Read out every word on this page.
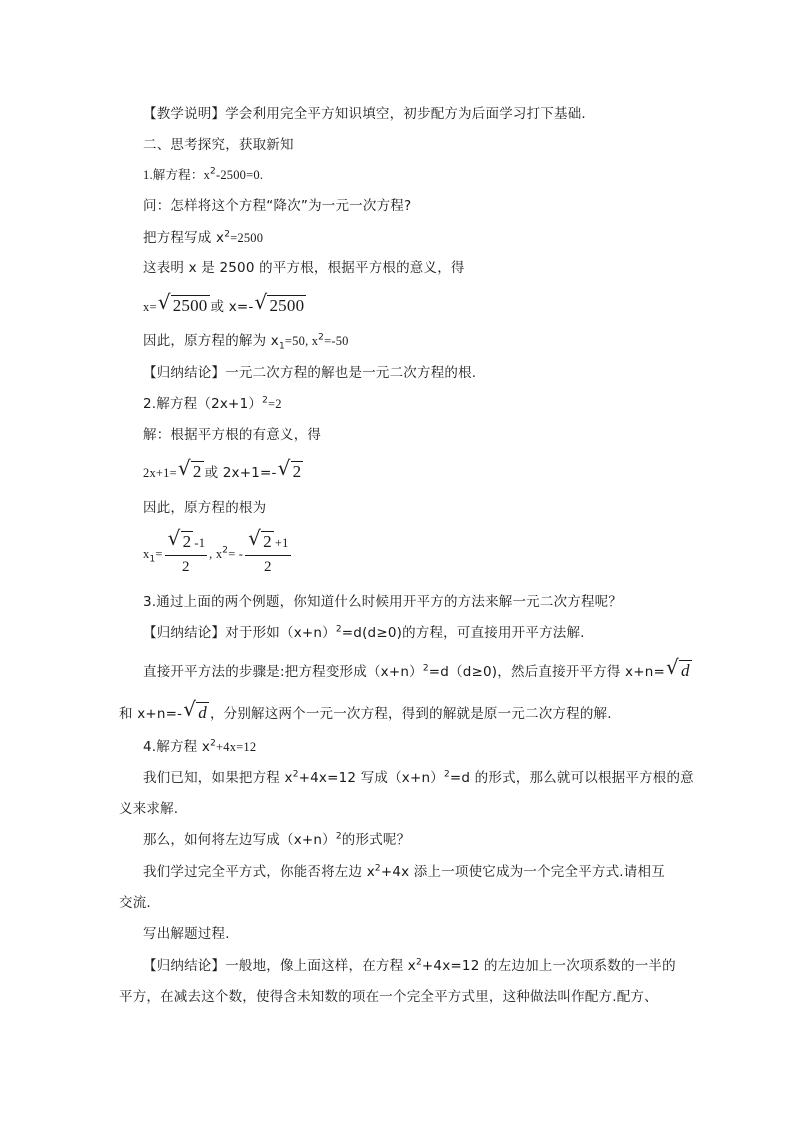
【教学说明】学会利用完全平方知识填空，初步配方为后面学习打下基础.
二、思考探究，获取新知
1.解方程：$x^2-2500=0$.
问：怎样将这个方程“降次”为一元一次方程?
把方程写成 $x^2=2500$
这表明 x 是 2500 的平方根，根据平方根的意义，得
x= √ 2500 或 x=- √ 2500
因此，原方程的解为 $x_1=50$, $x^2=-50$
【归纳结论】一元二次方程的解也是一元二次方程的根.
2.解方程$(2x+1)^2=2$
解：根据平方根的有意义，得
2x+1= √ 2 或 2x+1=- √ 2
因此，原方程的根为
$x_1= \frac{√ 2 -1}{2}$ , $x^2= - \frac{√ 2 +1}{2}$
3.通过上面的两个例题，你知道什么时候用开平方的方法来解一元二次方程呢？
【归纳结论】对于形如$(x+n)^2=d(d\ge 0)$的方程，可直接用开平方法解.
直接开平方法的步骤是:把方程变形成$(x+n)^2=d(d\ge 0)$，然后直接开平方得 x+n= √ d
和 x+n=- √ d ，分别解这两个一元一次方程，得到的解就是原一元二次方程的解.
4.解方程 $x^2+4x=12$
我们已知，如果把方程 $x^2+4x=12$ 写成$(x+n)^2=d$ 的形式，那么就可以根据平方根的意
义来求解.
那么，如何将左边写成$(x+n)^2$的形式呢？
我们学过完全平方式，你能否将左边 $x^2+4x$ 添上一项使它成为一个完全平方式.请相互
交流.
写出解题过程.
【归纳结论】一般地，像上面这样，在方程 $x^2+4x=12$ 的左边加上一次项系数的一半的
平方，在减去这个数，使得含未知数的项在一个完全平方式里，这种做法叫作配方.配方、
